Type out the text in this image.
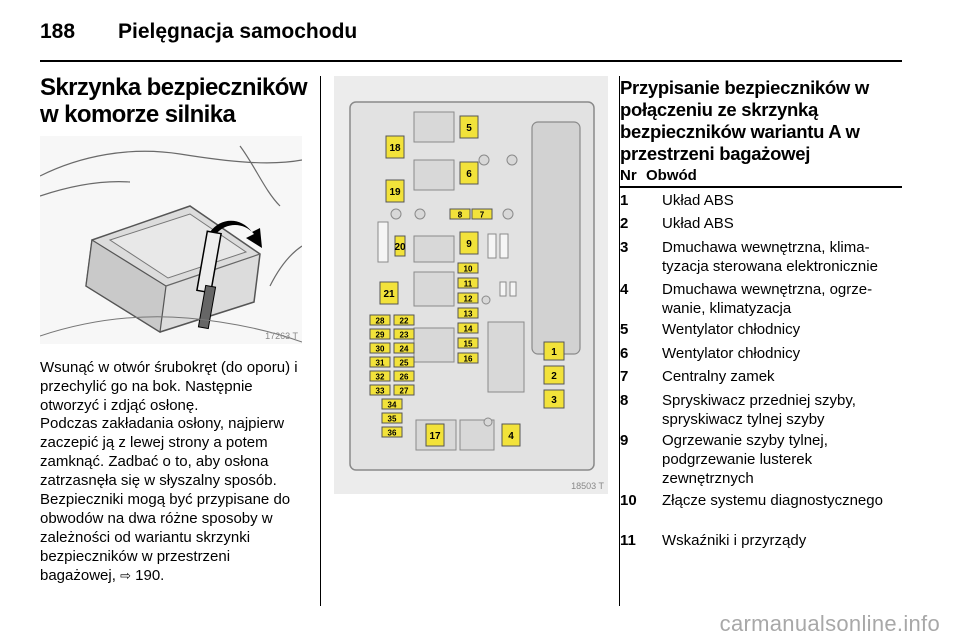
188 Pielęgnacja samochodu
Skrzynka bezpieczników w komorze silnika
17263 T

Wsunąć w otwór śrubokręt (do oporu) i przechylić go na bok. Następnie otworzyć i zdjąć osłonę.

Podczas zakładania osłony, najpierw zaczepić ją z lewej strony a potem zamknąć. Zadbać o to, aby osłona zatrzasnęła się w słyszalny sposób.

Bezpieczniki mogą być przypisane do obwodów na dwa różne sposoby w zależności od wariantu skrzynki bezpieczników w przestrzeni bagażowej, ⇨ 190.

18
19
21
5
6
9
17	4
1
2
3
20
8 7
10
11
12
13
14
15
16
28
29
30
31
32
33
22
23
24
25
26
27
34
35
36
18503 T
Przypisanie bezpieczników w połączeniu ze skrzynką bezpieczników wariantu A w przestrzeni bagażowej
Nr Obwód
1	Układ ABS
2	Układ ABS
3	Dmuchawa wewnętrzna, klimatyzacja sterowana elektronicznie
4	Dmuchawa wewnętrzna, ogrzewanie, klimatyzacja
5	Wentylator chłodnicy
6	Wentylator chłodnicy
7	Centralny zamek
8	Spryskiwacz przedniej szyby, spryskiwacz tylnej szyby
9	Ogrzewanie szyby tylnej, podgrzewanie lusterek zewnętrznych
10	Złącze systemu diagnostycznego
11	Wskaźniki i przyrządy
carmanualsonline.info
